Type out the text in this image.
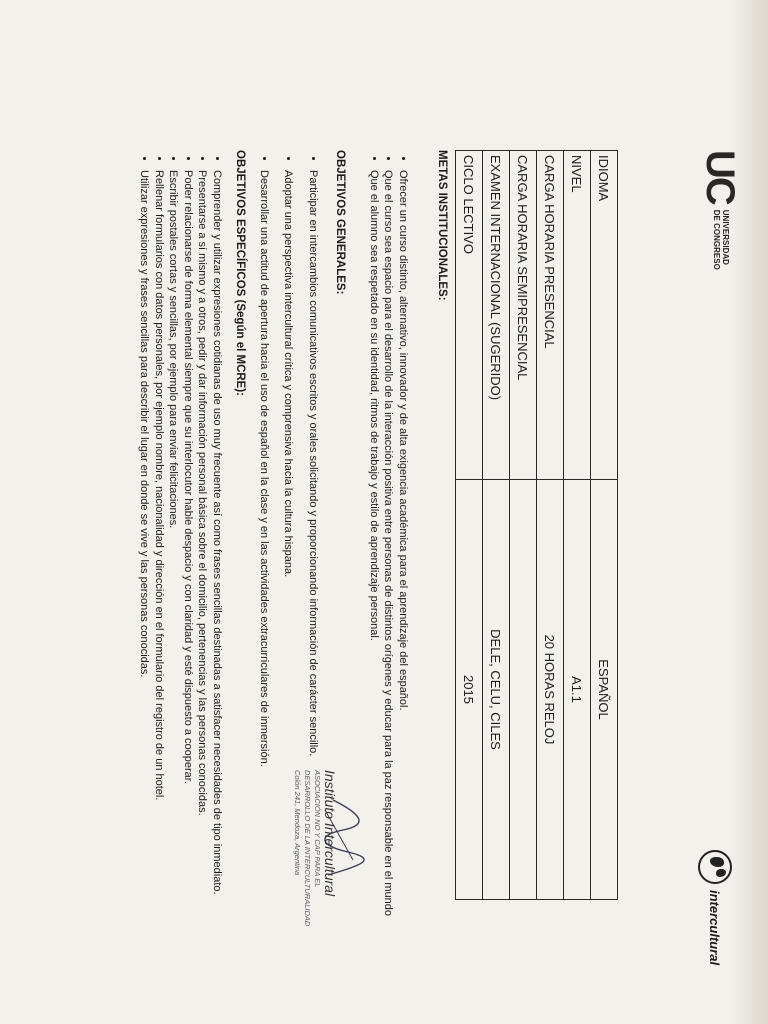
UC
UNIVERSIDAD
DE CONGRESO
intercultural
IDIOMA	ESPAÑOL
NIVEL	A1.1
CARGA HORARIA PRESENCIAL	20 HORAS RELOJ
CARGA HORARIA SEMIPRESENCIAL	
EXAMEN INTERNACIONAL (SUGERIDO)	DELE, CELU, CILES
CICLO LECTIVO	2015
METAS INSTITUCIONALES:
• Ofrecer un curso distinto, alternativo, innovador y de alta exigencia académica para el aprendizaje del español.
• Que el curso sea espacio para el desarrollo de la interacción positiva entre personas de distintos orígenes y educar para la paz responsable en el mundo
• Que el alumno sea respetado en su identidad, ritmos de trabajo y estilo de aprendizaje personal.
OBJETIVOS GENERALES:
• Participar en intercambios comunicativos escritos y orales solicitando y proporcionando información de carácter sencillo.
• Adoptar una perspectiva intercultural crítica y comprensiva hacia la cultura hispana.
• Desarrollar una actitud de apertura hacia el uso de español en la clase y en las actividades extracurriculares de inmersión.
OBJETIVOS ESPECÍFICOS (Según el MCRE):
• Comprender y utilizar expresiones cotidianas de uso muy frecuente así como frases sencillas destinadas a satisfacer necesidades de tipo inmediato.
• Presentarse a sí mismo y a otros, pedir y dar información personal básica sobre el domicilio, pertenencias y las personas conocidas.
• Poder relacionarse de forma elemental siempre que su interlocutor hable despacio y con claridad y esté dispuesto a cooperar.
• Escribir postales cortas y sencillas, por ejemplo para enviar felicitaciones.
• Rellenar formularios con datos personales, por ejemplo nombre, nacionalidad y dirección en el formulario del registro de un hotel.
• Utilizar expresiones y frases sencillas para describir el lugar en donde se vive y las personas conocidas.
Instituto Intercultural
ASOCIACIÓN NO Y CAP PARA EL
DESARROLLO DE LA INTERCULTURALIDAD
Colón 241, Mendoza, Argentina
